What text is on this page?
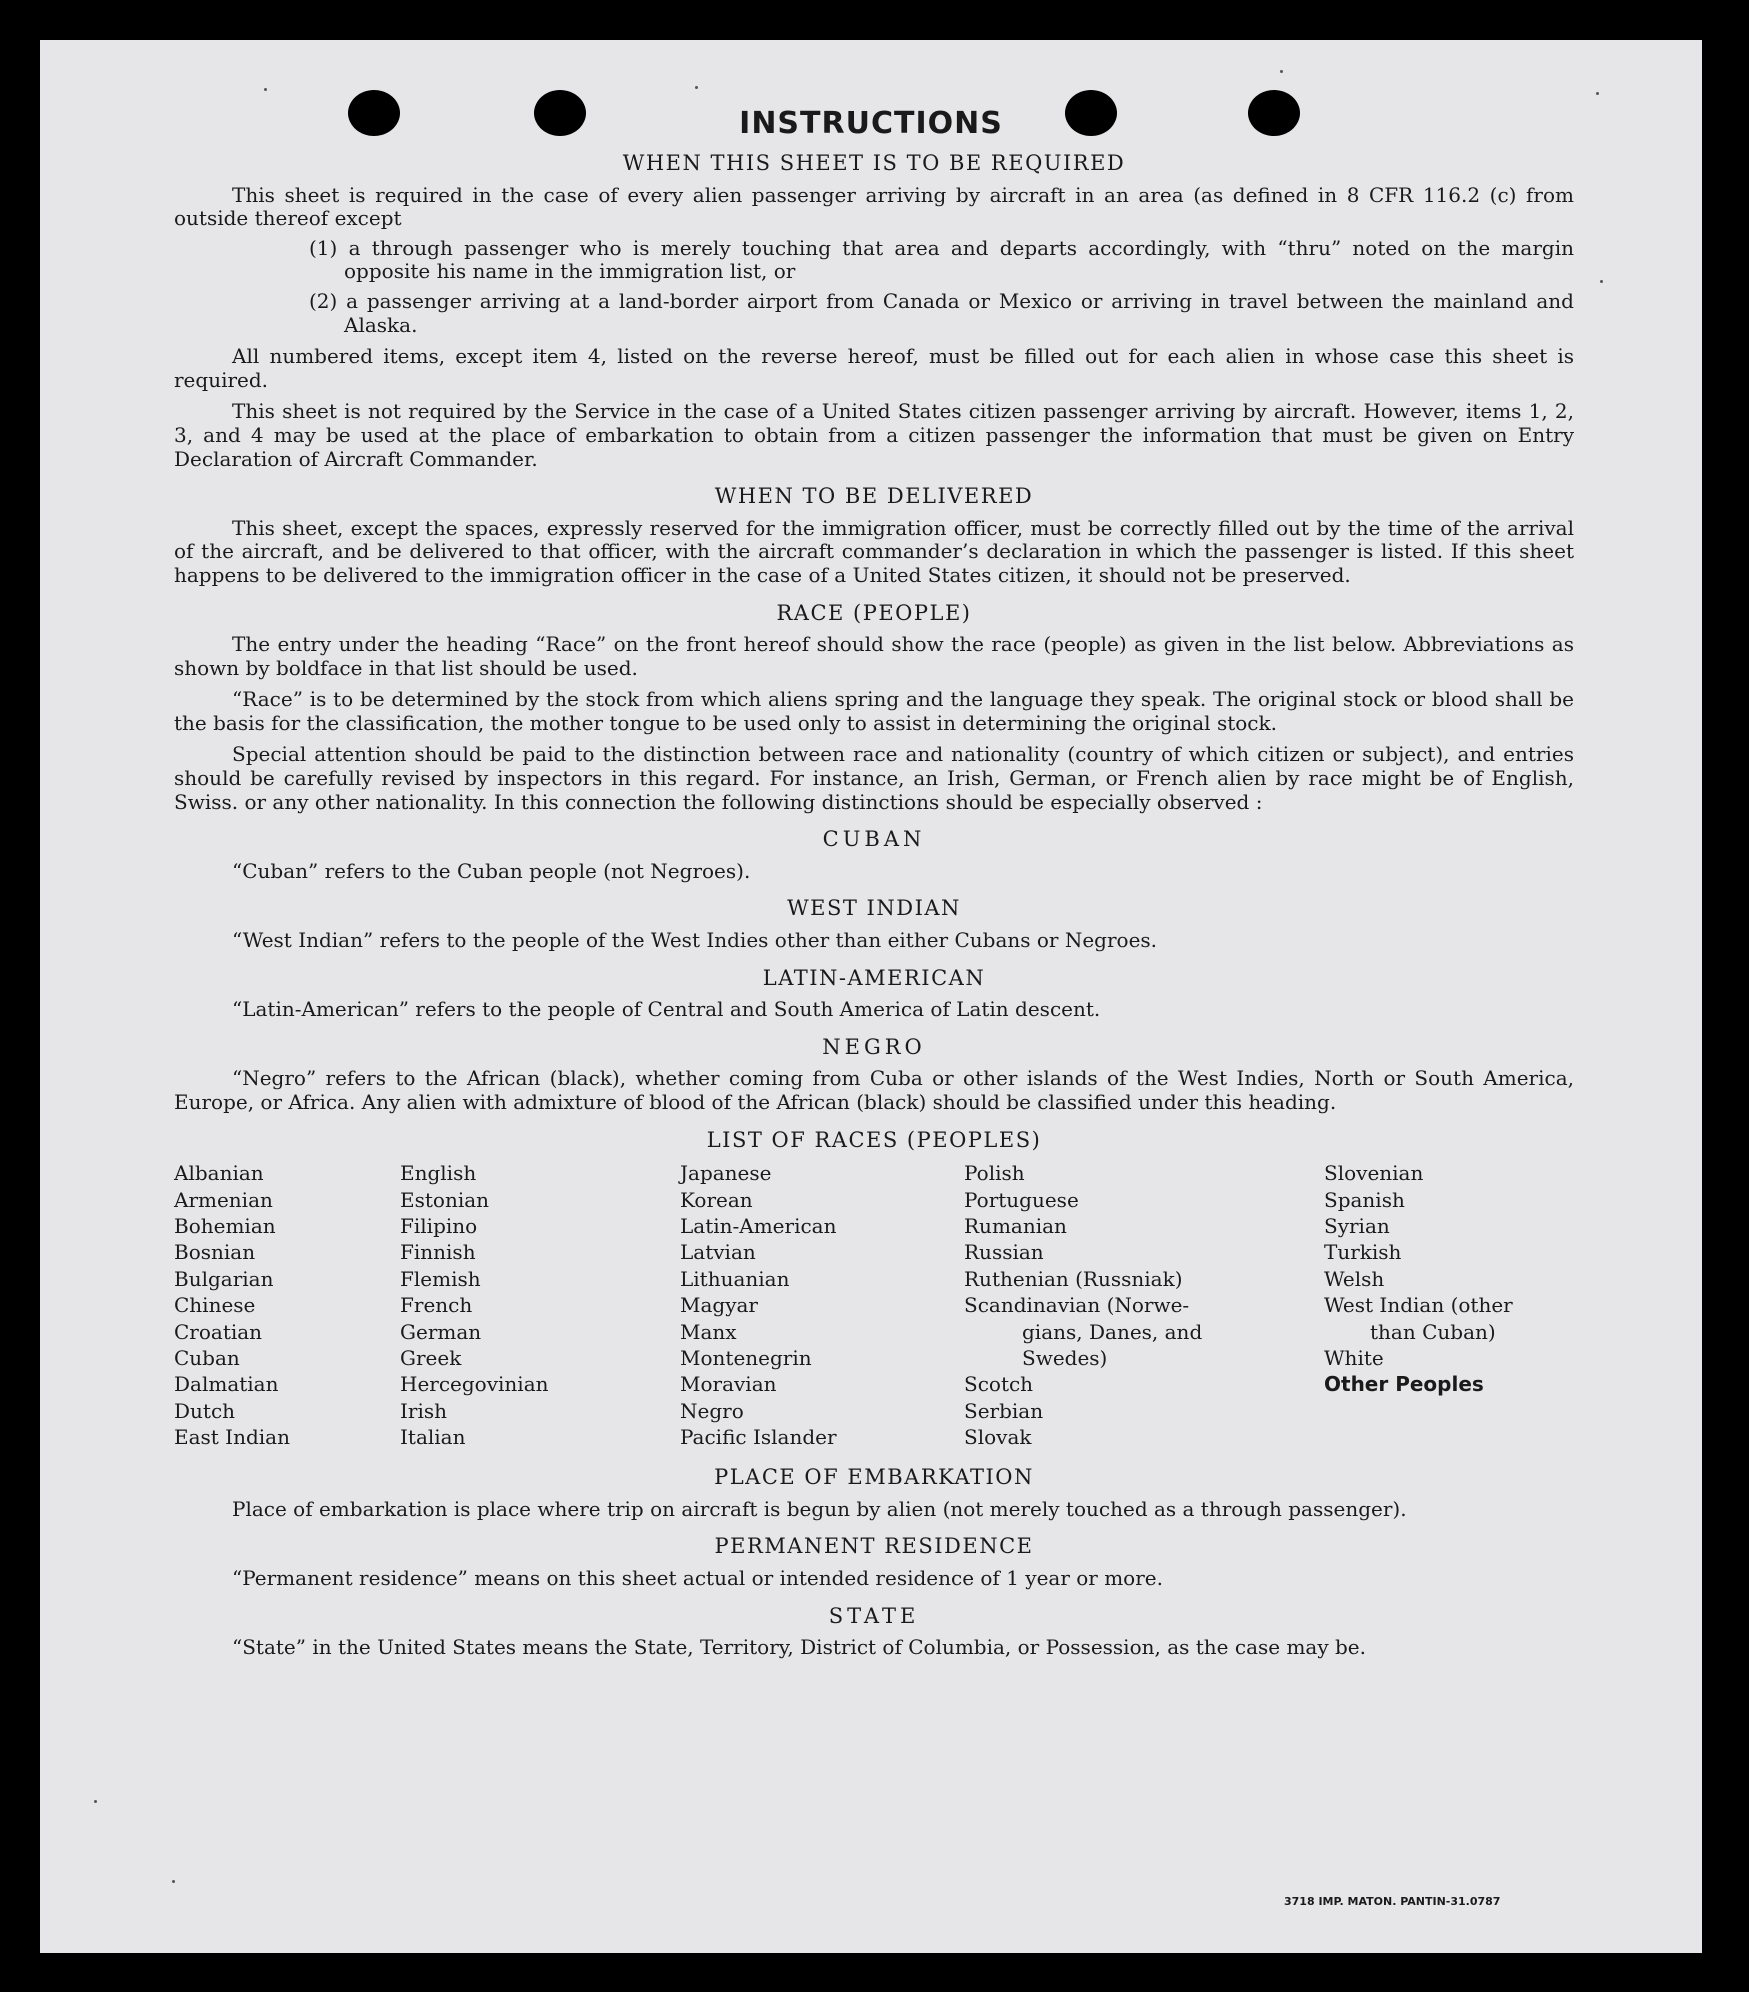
INSTRUCTIONS
WHEN THIS SHEET IS TO BE REQUIRED

This sheet is required in the case of every alien passenger arriving by aircraft in an area (as defined in 8 CFR 116.2 (c) from outside thereof except

(1) a through passenger who is merely touching that area and departs accordingly, with “thru” noted on the margin opposite his name in the immigration list, or

(2) a passenger arriving at a land-border airport from Canada or Mexico or arriving in travel between the mainland and Alaska.

All numbered items, except item 4, listed on the reverse hereof, must be filled out for each alien in whose case this sheet is required.

This sheet is not required by the Service in the case of a United States citizen passenger arriving by aircraft. However, items 1, 2, 3, and 4 may be used at the place of embarkation to obtain from a citizen passenger the information that must be given on Entry Declaration of Aircraft Commander.

WHEN TO BE DELIVERED

This sheet, except the spaces, expressly reserved for the immigration officer, must be correctly filled out by the time of the arrival of the aircraft, and be delivered to that officer, with the aircraft commander’s declaration in which the passenger is listed. If this sheet happens to be delivered to the immigration officer in the case of a United States citizen, it should not be preserved.

RACE (PEOPLE)

The entry under the heading “Race” on the front hereof should show the race (people) as given in the list below. Abbreviations as shown by boldface in that list should be used.

“Race” is to be determined by the stock from which aliens spring and the language they speak. The original stock or blood shall be the basis for the classification, the mother tongue to be used only to assist in determining the original stock.

Special attention should be paid to the distinction between race and nationality (country of which citizen or subject), and entries should be carefully revised by inspectors in this regard. For instance, an Irish, German, or French alien by race might be of English, Swiss. or any other nationality. In this connection the following distinctions should be especially observed :

CUBAN

“Cuban” refers to the Cuban people (not Negroes).

WEST INDIAN

“West Indian” refers to the people of the West Indies other than either Cubans or Negroes.

LATIN-AMERICAN

“Latin-American” refers to the people of Central and South America of Latin descent.

NEGRO

“Negro” refers to the African (black), whether coming from Cuba or other islands of the West Indies, North or South America, Europe, or Africa. Any alien with admixture of blood of the African (black) should be classified under this heading.

LIST OF RACES (PEOPLES)
Albanian
Armenian
Bohemian
Bosnian
Bulgarian
Chinese
Croatian
Cuban
Dalmatian
Dutch
East Indian
English
Estonian
Filipino
Finnish
Flemish
French
German
Greek
Hercegovinian
Irish
Italian
Japanese
Korean
Latin-American
Latvian
Lithuanian
Magyar
Manx
Montenegrin
Moravian
Negro
Pacific Islander
Polish
Portuguese
Rumanian
Russian
Ruthenian (Russniak)
Scandinavian (Norwe-
gians, Danes, and
Swedes)
Scotch
Serbian
Slovak
Slovenian
Spanish
Syrian
Turkish
Welsh
West Indian (other
than Cuban)
White
Other Peoples
PLACE OF EMBARKATION

Place of embarkation is place where trip on aircraft is begun by alien (not merely touched as a through passenger).

PERMANENT RESIDENCE

“Permanent residence” means on this sheet actual or intended residence of 1 year or more.

STATE

“State” in the United States means the State, Territory, District of Columbia, or Possession, as the case may be.

3718 IMP. MATON. PANTIN-31.0787
